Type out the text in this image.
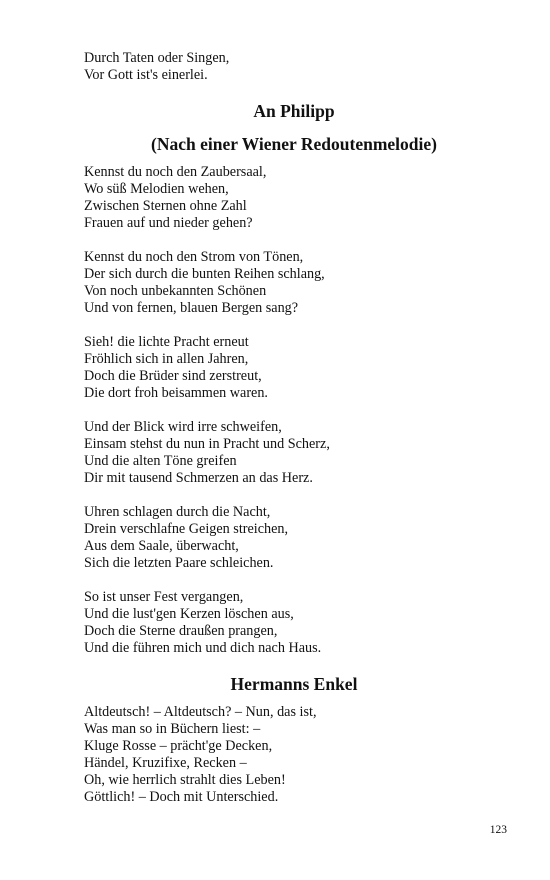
Durch Taten oder Singen,
Vor Gott ist's einerlei.
An Philipp
(Nach einer Wiener Redoutenmelodie)
Kennst du noch den Zaubersaal,
Wo süß Melodien wehen,
Zwischen Sternen ohne Zahl
Frauen auf und nieder gehen?
Kennst du noch den Strom von Tönen,
Der sich durch die bunten Reihen schlang,
Von noch unbekannten Schönen
Und von fernen, blauen Bergen sang?
Sieh! die lichte Pracht erneut
Fröhlich sich in allen Jahren,
Doch die Brüder sind zerstreut,
Die dort froh beisammen waren.
Und der Blick wird irre schweifen,
Einsam stehst du nun in Pracht und Scherz,
Und die alten Töne greifen
Dir mit tausend Schmerzen an das Herz.
Uhren schlagen durch die Nacht,
Drein verschlafne Geigen streichen,
Aus dem Saale, überwacht,
Sich die letzten Paare schleichen.
So ist unser Fest vergangen,
Und die lust'gen Kerzen löschen aus,
Doch die Sterne draußen prangen,
Und die führen mich und dich nach Haus.
Hermanns Enkel
Altdeutsch! – Altdeutsch? – Nun, das ist,
Was man so in Büchern liest: –
Kluge Rosse – prächt'ge Decken,
Händel, Kruzifixe, Recken –
Oh, wie herrlich strahlt dies Leben!
Göttlich! – Doch mit Unterschied.
123
